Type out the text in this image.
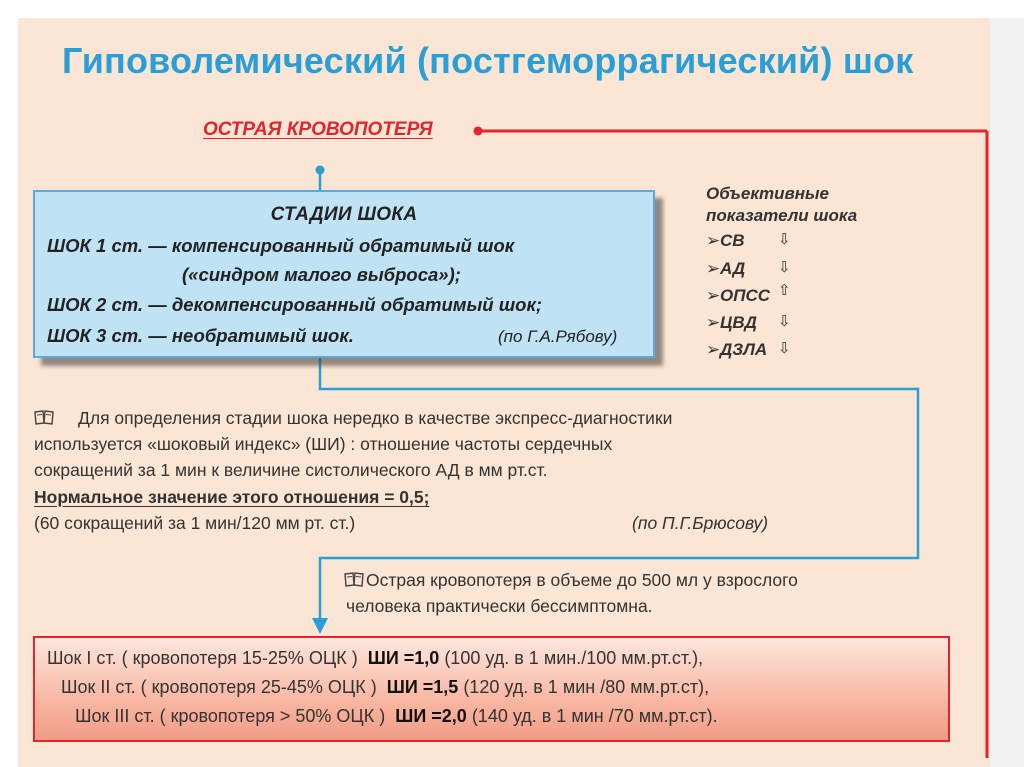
Гиповолемический (постгеморрагический) шок
ОСТРАЯ КРОВОПОТЕРЯ
СТАДИИ ШОКА
ШОК 1 ст. — компенсированный обратимый шок
(«синдром малого выброса»);
ШОК 2 ст. — декомпенсированный обратимый шок;
ШОК 3 ст. — необратимый шок.	(по Г.А.Рябову)
Объективные
показатели шока
➢СВ ⇩
➢АД ⇩
➢ОПСС ⇧
➢ЦВД ⇩
➢ДЗЛА ⇩
Для определения стадии шока нередко в качестве экспресс-диагностики
используется «шоковый индекс» (ШИ) : отношение частоты сердечных
сокращений за 1 мин к величине систолического АД в мм рт.ст.
Нормальное значение этого отношения = 0,5;
(60 сокращений за 1 мин/120 мм рт. ст.)	(по П.Г.Брюсову)
Острая кровопотеря в объеме до 500 мл у взрослого
человека практически бессимптомна.
Шок I ст. ( кровопотеря 15-25% ОЦК ) ШИ =1,0 (100 уд. в 1 мин./100 мм.рт.ст.),
Шок II ст. ( кровопотеря 25-45% ОЦК ) ШИ =1,5 (120 уд. в 1 мин /80 мм.рт.ст),
Шок III ст. ( кровопотеря > 50% ОЦК ) ШИ =2,0 (140 уд. в 1 мин /70 мм.рт.ст).
